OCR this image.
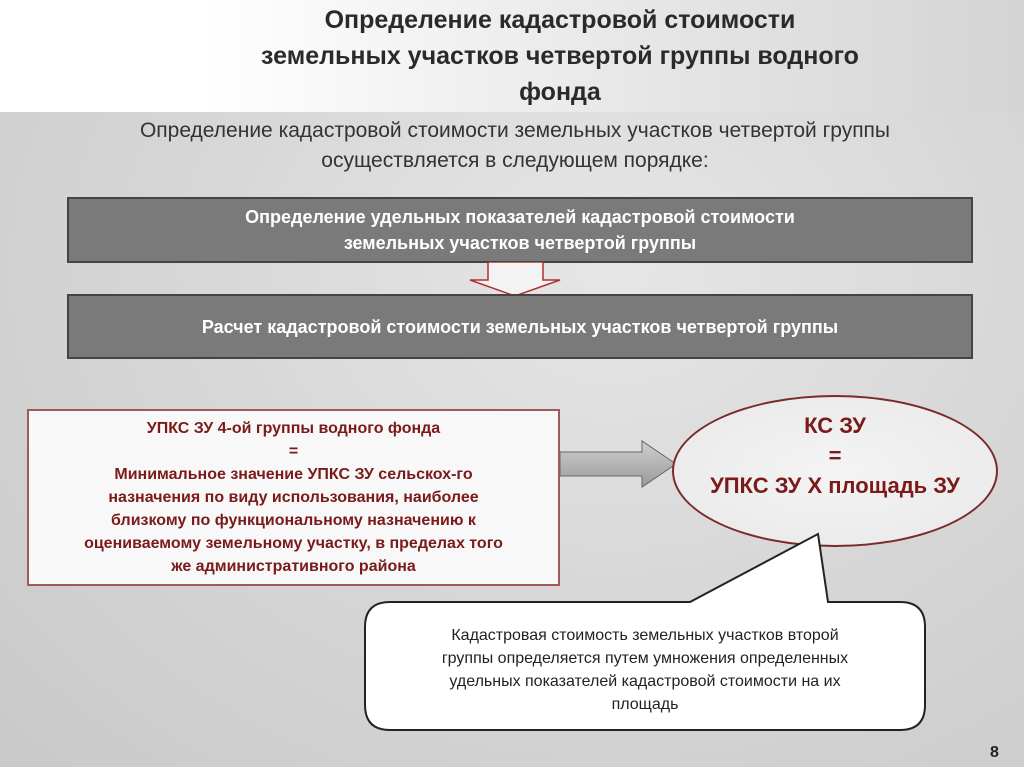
Определение кадастровой стоимости
земельных участков четвертой группы водного
фонда
Определение кадастровой стоимости земельных участков четвертой группы
осуществляется в следующем порядке:
Определение удельных показателей кадастровой стоимости
земельных участков четвертой группы
Расчет кадастровой стоимости земельных участков четвертой группы
УПКС ЗУ 4-ой группы водного фонда
=
Минимальное значение УПКС ЗУ сельскох-го
назначения по виду использования, наиболее
близкому по функциональному назначению к
оцениваемому земельному участку, в пределах того
же административного района
КС ЗУ
=
УПКС ЗУ X площадь ЗУ
Кадастровая стоимость земельных участков второй
группы определяется путем умножения определенных
удельных показателей кадастровой стоимости на их
площадь
8
